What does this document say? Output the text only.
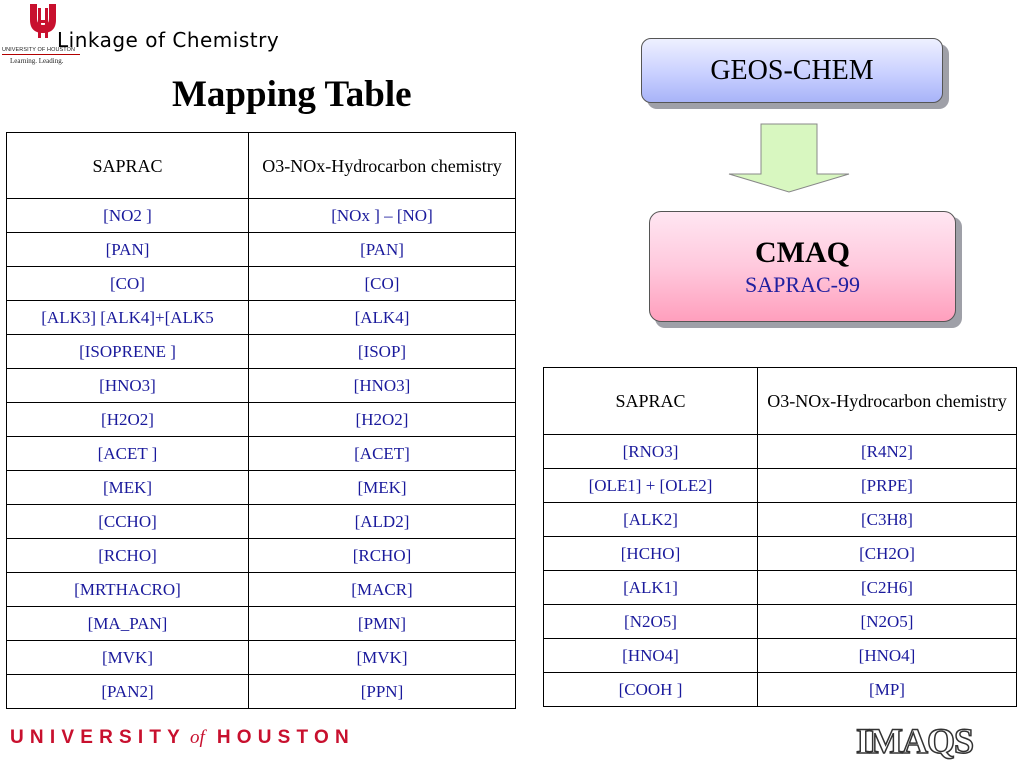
UNIVERSITY OF HOUSTON
Learning. Leading.
Linkage of Chemistry
Mapping Table
SAPRAC	O3-NOx-Hydrocarbon chemistry
[NO2 ]	[NOx ] – [NO]
[PAN]	[PAN]
[CO]	[CO]
[ALK3] [ALK4]+[ALK5	[ALK4]
[ISOPRENE ]	[ISOP]
[HNO3]	[HNO3]
[H2O2]	[H2O2]
[ACET ]	[ACET]
[MEK]	[MEK]
[CCHO]	[ALD2]
[RCHO]	[RCHO]
[MRTHACRO]	[MACR]
[MA_PAN]	[PMN]
[MVK]	[MVK]
[PAN2]	[PPN]
GEOS-CHEM
CMAQ
SAPRAC-99
SAPRAC	O3-NOx-Hydrocarbon chemistry
[RNO3]	[R4N2]
[OLE1] + [OLE2]	[PRPE]
[ALK2]	[C3H8]
[HCHO]	[CH2O]
[ALK1]	[C2H6]
[N2O5]	[N2O5]
[HNO4]	[HNO4]
[COOH ]	[MP]
UNIVERSITY of HOUSTON	IMAQS
